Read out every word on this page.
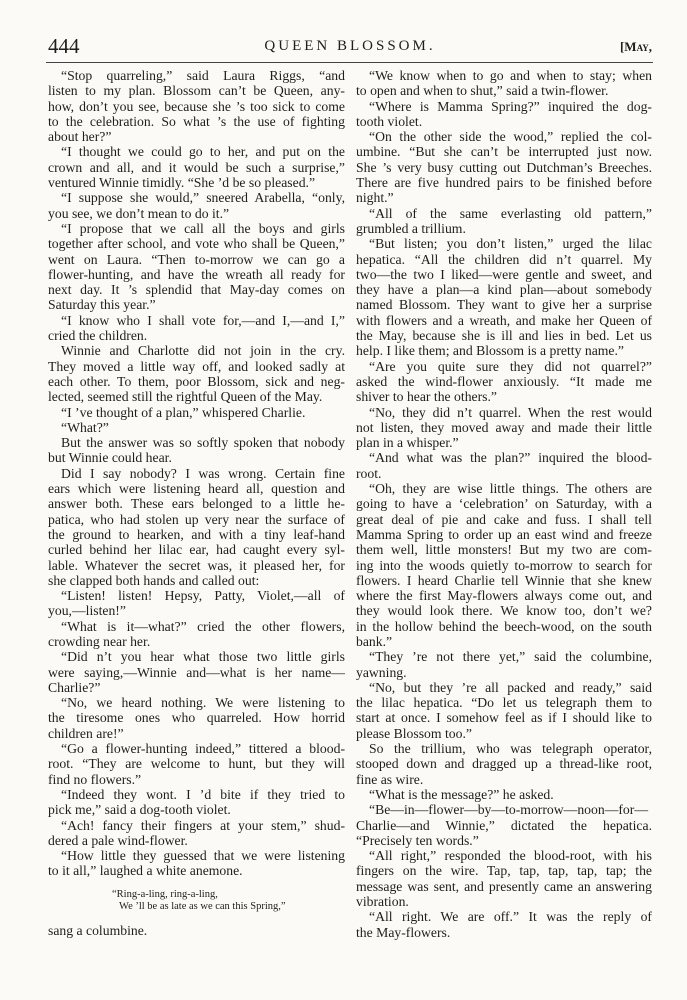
444	QUEEN BLOSSOM.	[May,
“Stop quarreling,” said Laura Riggs, “and
listen to my plan. Blossom can’t be Queen, any-
how, don’t you see, because she ’s too sick to come
to the celebration. So what ’s the use of fighting
about her?”
“I thought we could go to her, and put on the
crown and all, and it would be such a surprise,”
ventured Winnie timidly. “She ’d be so pleased.”
“I suppose she would,” sneered Arabella, “only,
you see, we don’t mean to do it.”
“I propose that we call all the boys and girls
together after school, and vote who shall be Queen,”
went on Laura. “Then to-morrow we can go a
flower-hunting, and have the wreath all ready for
next day. It ’s splendid that May-day comes on
Saturday this year.”
“I know who I shall vote for,—and I,—and I,”
cried the children.
Winnie and Charlotte did not join in the cry.
They moved a little way off, and looked sadly at
each other. To them, poor Blossom, sick and neg-
lected, seemed still the rightful Queen of the May.
“I ’ve thought of a plan,” whispered Charlie.
“What?”
But the answer was so softly spoken that nobody
but Winnie could hear.
Did I say nobody? I was wrong. Certain fine
ears which were listening heard all, question and
answer both. These ears belonged to a little he-
patica, who had stolen up very near the surface of
the ground to hearken, and with a tiny leaf-hand
curled behind her lilac ear, had caught every syl-
lable. Whatever the secret was, it pleased her, for
she clapped both hands and called out:
“Listen! listen! Hepsy, Patty, Violet,—all of
you,—listen!”
“What is it—what?” cried the other flowers,
crowding near her.
“Did n’t you hear what those two little girls
were saying,—Winnie and—what is her name—
Charlie?”
“No, we heard nothing. We were listening to
the tiresome ones who quarreled. How horrid
children are!”
“Go a flower-hunting indeed,” tittered a blood-
root. “They are welcome to hunt, but they will
find no flowers.”
“Indeed they wont. I ’d bite if they tried to
pick me,” said a dog-tooth violet.
“Ach! fancy their fingers at your stem,” shud-
dered a pale wind-flower.
“How little they guessed that we were listening
to it all,” laughed a white anemone.
“Ring-a-ling, ring-a-ling,
We ’ll be as late as we can this Spring,”
sang a columbine.
“We know when to go and when to stay; when
to open and when to shut,” said a twin-flower.
“Where is Mamma Spring?” inquired the dog-
tooth violet.
“On the other side the wood,” replied the col-
umbine. “But she can’t be interrupted just now.
She ’s very busy cutting out Dutchman’s Breeches.
There are five hundred pairs to be finished before
night.”
“All of the same everlasting old pattern,”
grumbled a trillium.
“But listen; you don’t listen,” urged the lilac
hepatica. “All the children did n’t quarrel. My
two—the two I liked—were gentle and sweet, and
they have a plan—a kind plan—about somebody
named Blossom. They want to give her a surprise
with flowers and a wreath, and make her Queen of
the May, because she is ill and lies in bed. Let us
help. I like them; and Blossom is a pretty name.”
“Are you quite sure they did not quarrel?”
asked the wind-flower anxiously. “It made me
shiver to hear the others.”
“No, they did n’t quarrel. When the rest would
not listen, they moved away and made their little
plan in a whisper.”
“And what was the plan?” inquired the blood-
root.
“Oh, they are wise little things. The others are
going to have a ‘celebration’ on Saturday, with a
great deal of pie and cake and fuss. I shall tell
Mamma Spring to order up an east wind and freeze
them well, little monsters! But my two are com-
ing into the woods quietly to-morrow to search for
flowers. I heard Charlie tell Winnie that she knew
where the first May-flowers always come out, and
they would look there. We know too, don’t we?
in the hollow behind the beech-wood, on the south
bank.”
“They ’re not there yet,” said the columbine,
yawning.
“No, but they ’re all packed and ready,” said
the lilac hepatica. “Do let us telegraph them to
start at once. I somehow feel as if I should like to
please Blossom too.”
So the trillium, who was telegraph operator,
stooped down and dragged up a thread-like root,
fine as wire.
“What is the message?” he asked.
“Be—in—flower—by—to-morrow—noon—for—
Charlie—and Winnie,” dictated the hepatica.
“Precisely ten words.”
“All right,” responded the blood-root, with his
fingers on the wire. Tap, tap, tap, tap, tap; the
message was sent, and presently came an answering
vibration.
“All right. We are off.” It was the reply of
the May-flowers.
